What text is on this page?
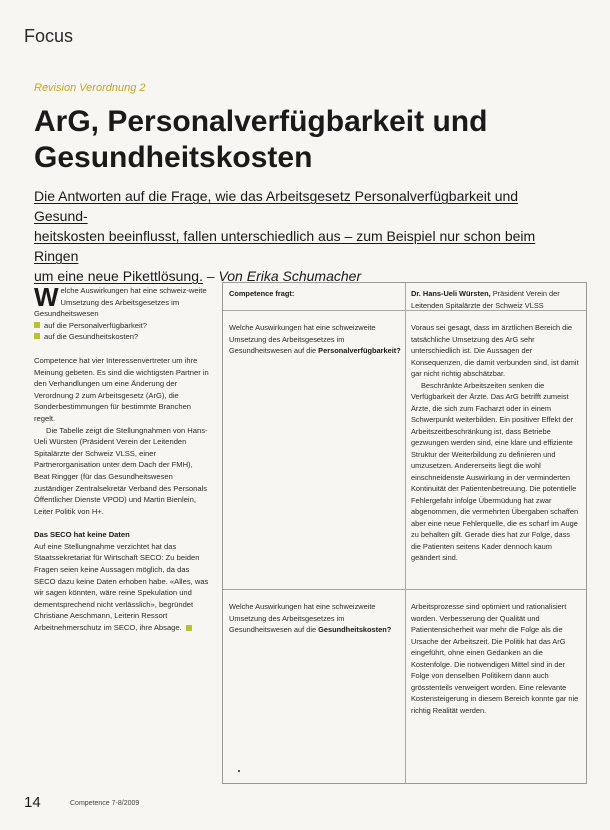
Focus
Revision Verordnung 2
ArG, Personalverfügbarkeit und Gesundheitskosten
Die Antworten auf die Frage, wie das Arbeitsgesetz Personalverfügbarkeit und Gesund-
heitskosten beeinflusst, fallen unterschiedlich aus – zum Beispiel nur schon beim Ringen
um eine neue Pikettlösung. – Von Erika Schumacher

Welche Auswirkungen hat eine schweiz-weite Umsetzung des Arbeitsgesetzes im Gesundheitswesen

auf die Personalverfügbarkeit?
auf die Gesundheitskosten?

Competence hat vier Interessenvertreter um ihre Meinung gebeten. Es sind die wichtigsten Partner in den Verhandlungen um eine Änderung der Verordnung 2 zum Arbeitsgesetz (ArG), die Sonderbestimmungen für bestimmte Branchen regelt.

Die Tabelle zeigt die Stellungnahmen von Hans-Ueli Würsten (Präsident Verein der Leitenden Spitalärzte der Schweiz VLSS, einer Partnerorganisation unter dem Dach der FMH), Beat Ringger (für das Gesundheitswesen zuständiger Zentralsekretär Verband des Personals Öffentlicher Dienste VPOD) und Martin Bienlein, Leiter Politik von H+.

Das SECO hat keine Daten

Auf eine Stellungnahme verzichtet hat das Staatssekretariat für Wirtschaft SECO: Zu beiden Fragen seien keine Aussagen möglich, da das SECO dazu keine Daten erhoben habe. «Alles, was wir sagen könnten, wäre reine Spekulation und dementsprechend nicht verlässlich», begründet Christiane Aeschmann, Leiterin Ressort Arbeitnehmerschutz im SECO, ihre Absage.

Competence fragt:	Dr. Hans-Ueli Würsten, Präsident Verein der Leitenden Spitalärzte der Schweiz VLSS
Welche Auswirkungen hat eine schweizweite Umsetzung des Arbeitsgesetzes im Gesundheitswesen auf die Personalverfügbarkeit?
Voraus sei gesagt, dass im ärztlichen Bereich die tatsächliche Umsetzung des ArG sehr unterschiedlich ist. Die Aussagen der Konsequenzen, die damit verbunden sind, ist damit gar nicht richtig abschätzbar.
Beschränkte Arbeitszeiten senken die Verfügbarkeit der Ärzte. Das ArG betrifft zumeist Ärzte, die sich zum Facharzt oder in einem Schwerpunkt weiterbilden. Ein positiver Effekt der Arbeitszeitbeschränkung ist, dass Betriebe gezwungen werden sind, eine klare und effiziente Struktur der Weiterbildung zu definieren und umzusetzen. Andererseits liegt die wohl einschneidenste Auswirkung in der verminderten Kontinuität der Patientenbetreuung. Die potentielle Fehlergefahr infolge Übermüdung hat zwar abgenommen, die vermehrten Übergaben schaffen aber eine neue Fehlerquelle, die es scharf im Auge zu behalten gilt. Gerade dies hat zur Folge, dass die Patienten seitens Kader dennoch kaum geändert sind.
Welche Auswirkungen hat eine schweizweite Umsetzung des Arbeitsgesetzes im Gesundheitswesen auf die Gesundheitskosten?
Arbeitsprozesse sind optimiert und rationalisiert worden. Verbesserung der Qualität und Patientensicherheit war mehr die Folge als die Ursache der Arbeitszeit. Die Politik hat das ArG eingeführt, ohne einen Gedanken an die Kostenfolge. Die notwendigen Mittel sind in der Folge von denselben Politikern dann auch grösstenteils verweigert worden. Eine relevante Kostensteigerung in diesem Bereich konnte gar nie richtig Realität werden.
14	Competence 7-8/2009
